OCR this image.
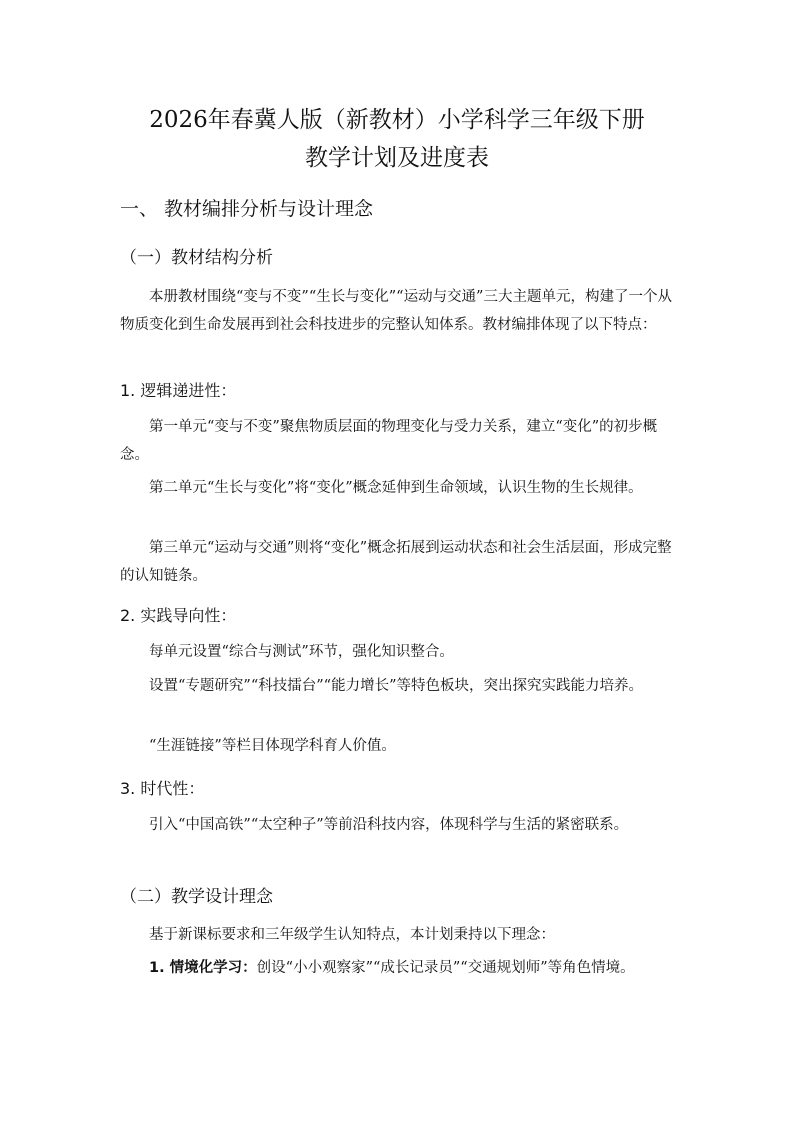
2026年春冀人版（新教材）小学科学三年级下册
教学计划及进度表
一、 教材编排分析与设计理念
（一）教材结构分析

本册教材围绕“变与不变”“生长与变化”“运动与交通”三大主题单元，构建了一个从物质变化到生命发展再到社会科技进步的完整认知体系。教材编排体现了以下特点：

1. 逻辑递进性：

第一单元“变与不变”聚焦物质层面的物理变化与受力关系，建立“变化”的初步概念。

第二单元“生长与变化”将“变化”概念延伸到生命领域，认识生物的生长规律。

第三单元“运动与交通”则将“变化”概念拓展到运动状态和社会生活层面，形成完整的认知链条。

2. 实践导向性：

每单元设置“综合与测试”环节，强化知识整合。

设置“专题研究”“科技擂台”“能力增长”等特色板块，突出探究实践能力培养。

“生涯链接”等栏目体现学科育人价值。

3. 时代性：

引入“中国高铁”“太空种子”等前沿科技内容，体现科学与生活的紧密联系。

（二）教学设计理念

基于新课标要求和三年级学生认知特点，本计划秉持以下理念：

1. 情境化学习：创设“小小观察家”“成长记录员”“交通规划师”等角色情境。
